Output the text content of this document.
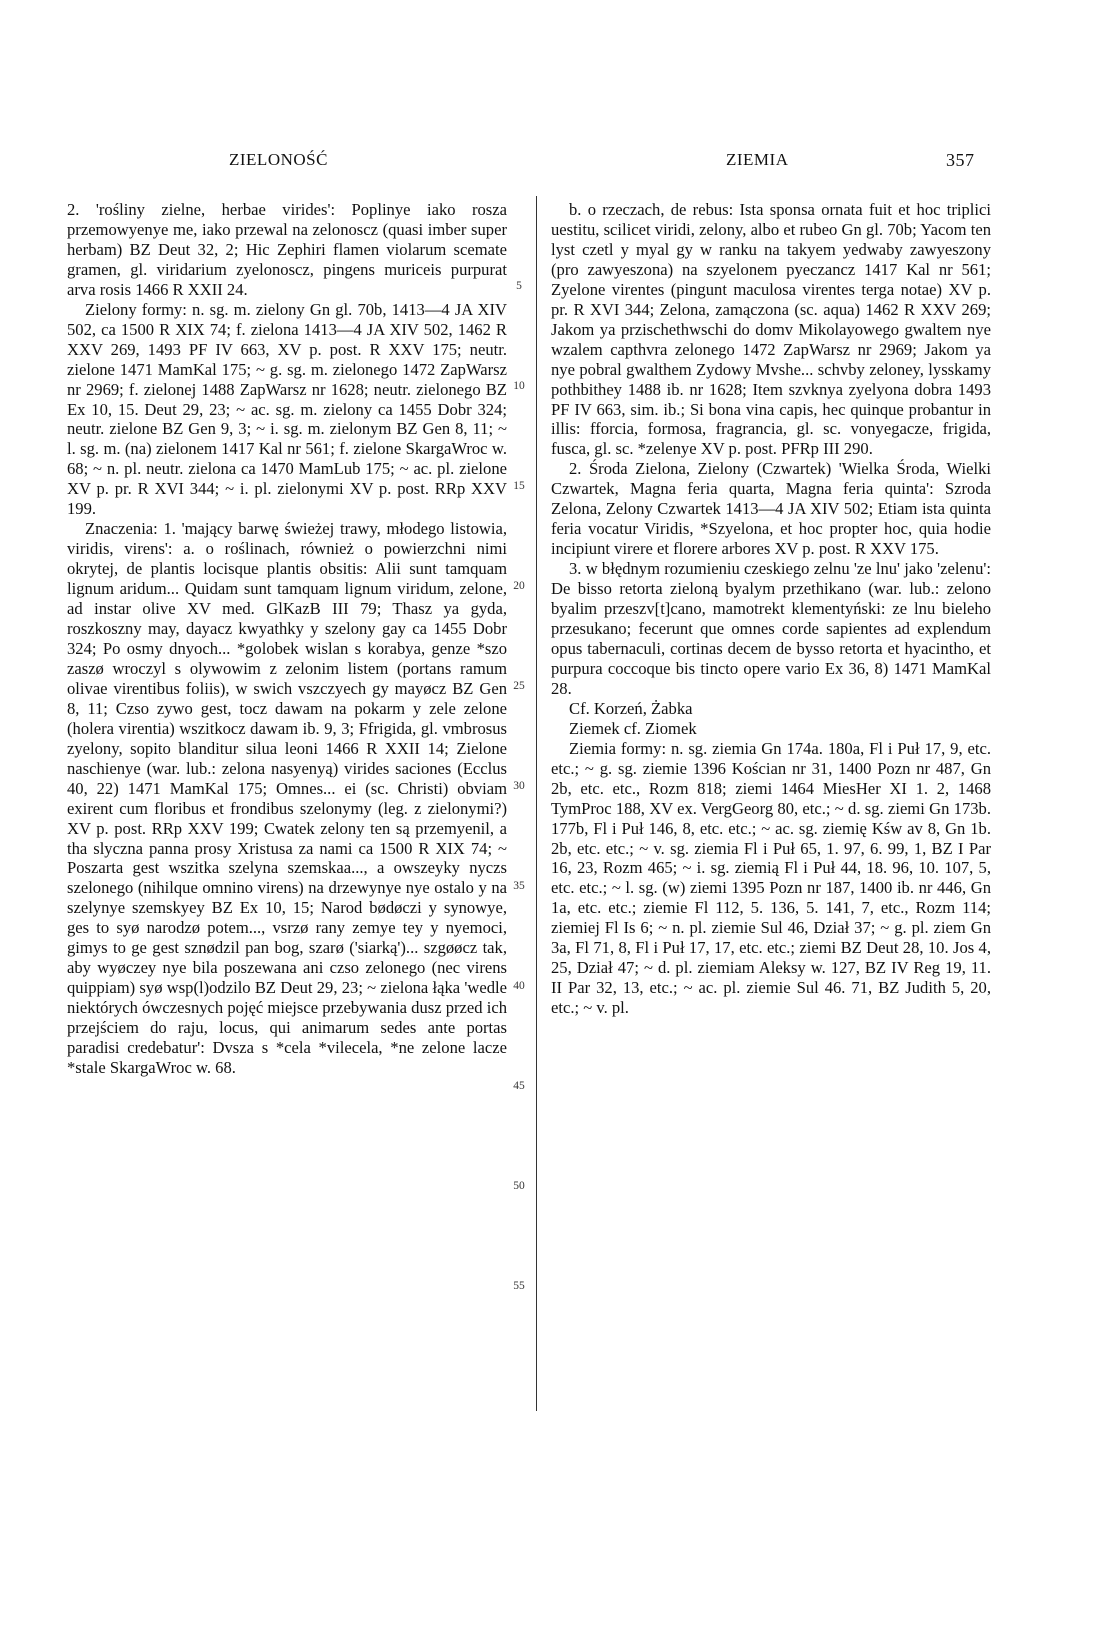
ZIELONOŚĆ	ZIEMIA	357

2. 'rośliny zielne, herbae virides': Poplinye iako rosza przemowyenye me, iako przewal na zelonoscz (quasi imber super herbam) BZ Deut 32, 2; Hic Zephiri flamen violarum scemate gramen, gl. viridarium zyelonoscz, pingens muriceis purpurat arva rosis 1466 R XXII 24.

Zielony formy: n. sg. m. zielony Gn gl. 70b, 1413—4 JA XIV 502, ca 1500 R XIX 74; f. zielona 1413—4 JA XIV 502, 1462 R XXV 269, 1493 PF IV 663, XV p. post. R XXV 175; neutr. zielone 1471 MamKal 175; ~ g. sg. m. zielonego 1472 ZapWarsz nr 2969; f. zielonej 1488 ZapWarsz nr 1628; neutr. zielonego BZ Ex 10, 15. Deut 29, 23; ~ ac. sg. m. zielony ca 1455 Dobr 324; neutr. zielone BZ Gen 9, 3; ~ i. sg. m. zielonym BZ Gen 8, 11; ~ l. sg. m. (na) zielonem 1417 Kal nr 561; f. zielone SkargaWroc w. 68; ~ n. pl. neutr. zielona ca 1470 MamLub 175; ~ ac. pl. zielone XV p. pr. R XVI 344; ~ i. pl. zielonymi XV p. post. RRp XXV 199.

Znaczenia: 1. 'mający barwę świeżej trawy, młodego listowia, viridis, virens': a. o roślinach, również o powierzchni nimi okrytej, de plantis locisque plantis obsitis: Alii sunt tamquam lignum aridum... Quidam sunt tamquam lignum viridum, zelone, ad instar olive XV med. GlKazB III 79; Thasz ya gyda, roszkoszny may, dayacz kwyathky y szelony gay ca 1455 Dobr 324; Po osmy dnyoch... *golobek wislan s korabya, genze *szo zaszø wroczyl s olywowim z zelonim listem (portans ramum olivae virentibus foliis), w swich vszczyech gy mayøcz BZ Gen 8, 11; Czso zywo gest, tocz dawam na pokarm y zele zelone (holera virentia) wszitkocz dawam ib. 9, 3; Ffrigida, gl. vmbrosus zyelony, sopito blanditur silua leoni 1466 R XXII 14; Zielone naschienye (war. lub.: zelona nasyenyą) virides saciones (Ecclus 40, 22) 1471 MamKal 175; Omnes... ei (sc. Christi) obviam exirent cum floribus et frondibus szelonymy (leg. z zielonymi?) XV p. post. RRp XXV 199; Cwatek zelony ten są przemyenil, a tha slyczna panna prosy Xristusa za nami ca 1500 R XIX 74; ~ Poszarta gest wszitka szelyna szemskaa..., a owszeyky nyczs szelonego (nihilque omnino virens) na drzewynye nye ostalo y na szelynye szemskyey BZ Ex 10, 15; Narod bødøczi y synowye, ges to syø narodzø potem..., vsrzø rany zemye tey y nyemoci, gimys to ge gest sznødzil pan bog, szarø ('siarką')... szgøøcz tak, aby wyøczey nye bila poszewana ani czso zelonego (nec virens quippiam) syø wsp(l)odzilo BZ Deut 29, 23; ~ zielona łąka 'wedle niektórych ówczesnych pojęć miejsce przebywania dusz przed ich przejściem do raju, locus, qui animarum sedes ante portas paradisi credebatur': Dvsza s *cela *vilecela, *ne zelone lacze *stale SkargaWroc w. 68.

5
10
15
20
25
30
35
40
45
50
55

b. o rzeczach, de rebus: Ista sponsa ornata fuit et hoc triplici uestitu, scilicet viridi, zelony, albo et rubeo Gn gl. 70b; Yacom ten lyst czetl y myal gy w ranku na takyem yedwaby zawyeszony (pro zawyeszona) na szyelonem pyeczancz 1417 Kal nr 561; Zyelone virentes (pingunt maculosa virentes terga notae) XV p. pr. R XVI 344; Zelona, zamączona (sc. aqua) 1462 R XXV 269; Jakom ya przischethwschi do domv Mikolayowego gwaltem nye wzalem capthvra zelonego 1472 ZapWarsz nr 2969; Jakom ya nye pobral gwalthem Zydowy Mvshe... schvby zeloney, lysskamy pothbithey 1488 ib. nr 1628; Item szvknya zyelyona dobra 1493 PF IV 663, sim. ib.; Si bona vina capis, hec quinque probantur in illis: fforcia, formosa, fragrancia, gl. sc. vonyegacze, frigida, fusca, gl. sc. *zelenye XV p. post. PFRp III 290.

2. Środa Zielona, Zielony (Czwartek) 'Wielka Środa, Wielki Czwartek, Magna feria quarta, Magna feria quinta': Szroda Zelona, Zelony Czwartek 1413—4 JA XIV 502; Etiam ista quinta feria vocatur Viridis, *Szyelona, et hoc propter hoc, quia hodie incipiunt virere et florere arbores XV p. post. R XXV 175.

3. w błędnym rozumieniu czeskiego zelnu 'ze lnu' jako 'zelenu': De bisso retorta zieloną byalym przethikano (war. lub.: zelono byalim przeszv[t]cano, mamotrekt klementyński: ze lnu bieleho przesukano; fecerunt que omnes corde sapientes ad explendum opus tabernaculi, cortinas decem de bysso retorta et hyacintho, et purpura coccoque bis tincto opere vario Ex 36, 8) 1471 MamKal 28.

Cf. Korzeń, Żabka

Ziemek cf. Ziomek

Ziemia formy: n. sg. ziemia Gn 174a. 180a, Fl i Puł 17, 9, etc. etc.; ~ g. sg. ziemie 1396 Kościan nr 31, 1400 Pozn nr 487, Gn 2b, etc. etc., Rozm 818; ziemi 1464 MiesHer XI 1. 2, 1468 TymProc 188, XV ex. VergGeorg 80, etc.; ~ d. sg. ziemi Gn 173b. 177b, Fl i Puł 146, 8, etc. etc.; ~ ac. sg. ziemię Kśw av 8, Gn 1b. 2b, etc. etc.; ~ v. sg. ziemia Fl i Puł 65, 1. 97, 6. 99, 1, BZ I Par 16, 23, Rozm 465; ~ i. sg. ziemią Fl i Puł 44, 18. 96, 10. 107, 5, etc. etc.; ~ l. sg. (w) ziemi 1395 Pozn nr 187, 1400 ib. nr 446, Gn 1a, etc. etc.; ziemie Fl 112, 5. 136, 5. 141, 7, etc., Rozm 114; ziemiej Fl Is 6; ~ n. pl. ziemie Sul 46, Dział 37; ~ g. pl. ziem Gn 3a, Fl 71, 8, Fl i Puł 17, 17, etc. etc.; ziemi BZ Deut 28, 10. Jos 4, 25, Dział 47; ~ d. pl. ziemiam Aleksy w. 127, BZ IV Reg 19, 11. II Par 32, 13, etc.; ~ ac. pl. ziemie Sul 46. 71, BZ Judith 5, 20, etc.; ~ v. pl.
